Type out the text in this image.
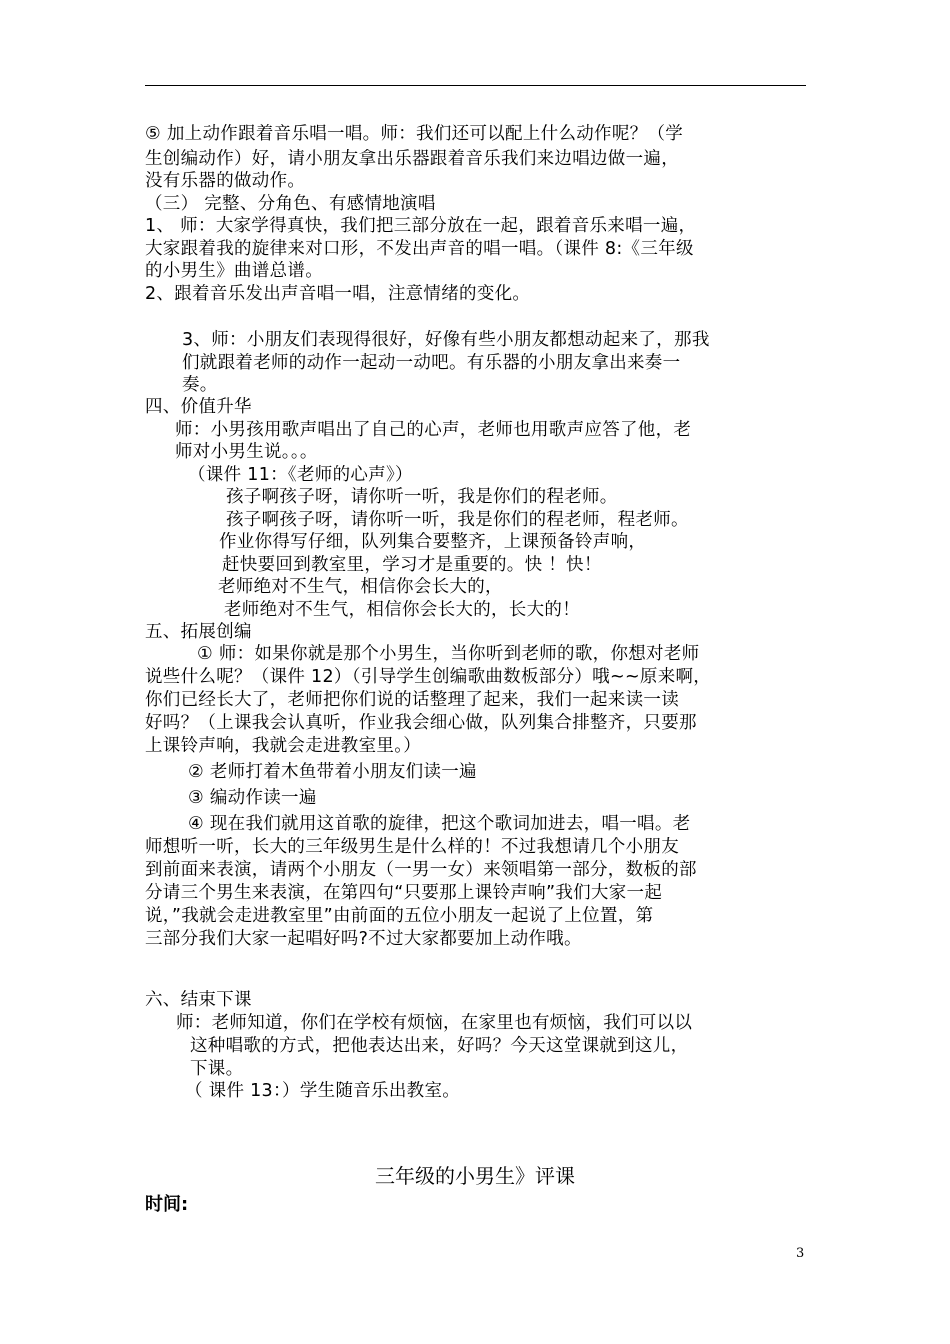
⑤ 加上动作跟着音乐唱一唱。师：我们还可以配上什么动作呢？（学
生创编动作）好，请小朋友拿出乐器跟着音乐我们来边唱边做一遍，
没有乐器的做动作。
（三） 完整、分角色、有感情地演唱
1、 师：大家学得真快，我们把三部分放在一起，跟着音乐来唱一遍，
大家跟着我的旋律来对口形，不发出声音的唱一唱。（课件 8:《三年级
的小男生》曲谱总谱。
2、跟着音乐发出声音唱一唱，注意情绪的变化。
3、师：小朋友们表现得很好，好像有些小朋友都想动起来了，那我
们就跟着老师的动作一起动一动吧。有乐器的小朋友拿出来奏一
奏。
四、价值升华
师：小男孩用歌声唱出了自己的心声，老师也用歌声应答了他，老
师对小男生说。。。
（课件 11：《老师的心声》）
孩子啊孩子呀，请你听一听，我是你们的程老师。
孩子啊孩子呀，请你听一听，我是你们的程老师，程老师。
作业你得写仔细，队列集合要整齐，上课预备铃声响，
赶快要回到教室里，学习才是重要的。快 ！快！
老师绝对不生气，相信你会长大的，
老师绝对不生气，相信你会长大的，长大的！
五、拓展创编
① 师：如果你就是那个小男生，当你听到老师的歌，你想对老师
说些什么呢？（课件 12）（引导学生创编歌曲数板部分）哦~~原来啊，
你们已经长大了，老师把你们说的话整理了起来，我们一起来读一读
好吗？（上课我会认真听，作业我会细心做，队列集合排整齐，只要那
上课铃声响，我就会走进教室里。）
② 老师打着木鱼带着小朋友们读一遍
③ 编动作读一遍
④ 现在我们就用这首歌的旋律，把这个歌词加进去，唱一唱。老
师想听一听，长大的三年级男生是什么样的！不过我想请几个小朋友
到前面来表演，请两个小朋友（一男一女）来领唱第一部分，数板的部
分请三个男生来表演，在第四句“只要那上课铃声响”我们大家一起
说，”我就会走进教室里”由前面的五位小朋友一起说了上位置，第
三部分我们大家一起唱好吗?不过大家都要加上动作哦。
六、结束下课
师：老师知道，你们在学校有烦恼，在家里也有烦恼，我们可以以
这种唱歌的方式，把他表达出来，好吗？今天这堂课就到这儿，
下课。
（ 课件 13：）学生随音乐出教室。
三年级的小男生》评课
时间:
3
